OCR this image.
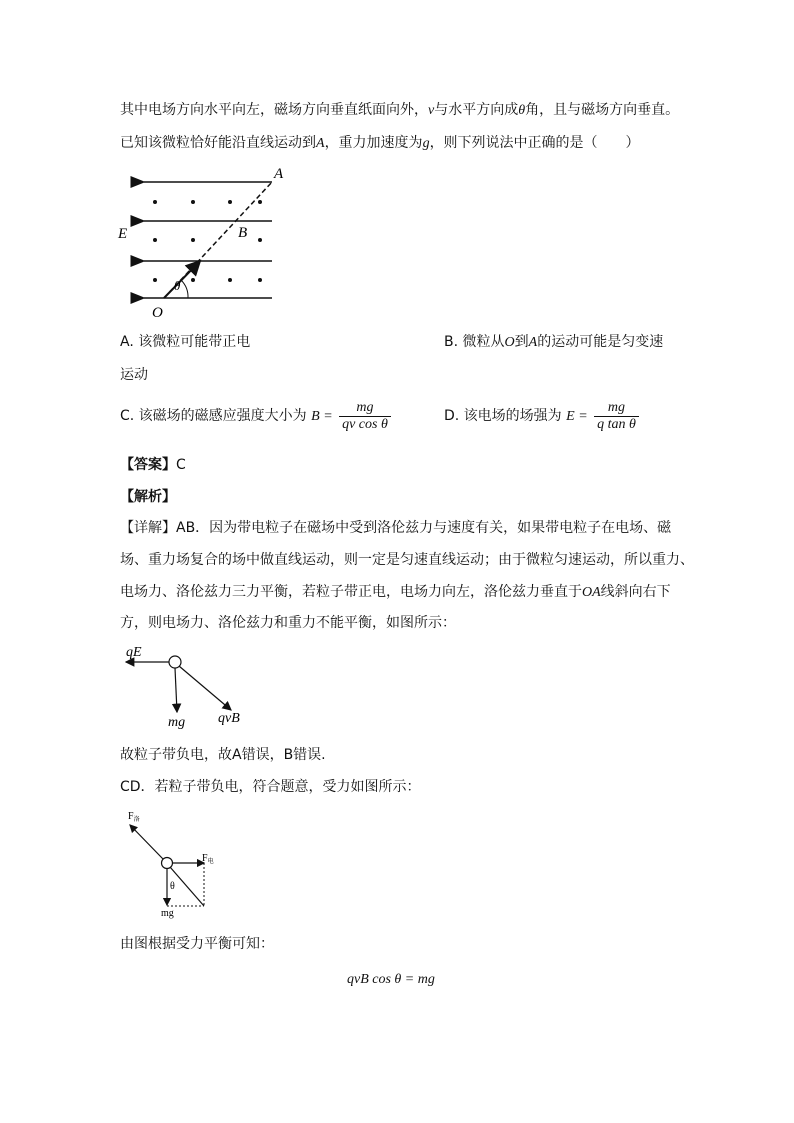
其中电场方向水平向左，磁场方向垂直纸面向外，v与水平方向成θ角，且与磁场方向垂直。
已知该微粒恰好能沿直线运动到A，重力加速度为g，则下列说法中正确的是（　　）
A
B
E
O
θ
A. 该微粒可能带正电	B. 微粒从O到A的运动可能是匀变速
运动
C. 该磁场的磁感应强度大小为 $B = \frac{mg}{\text{qv cos θ}}$	D. 该电场的场强为 $E = \frac{mg}{\text{q tan θ}}$
【答案】C
【解析】
【详解】AB．因为带电粒子在磁场中受到洛伦兹力与速度有关，如果带电粒子在电场、磁
场、重力场复合的场中做直线运动，则一定是匀速直线运动；由于微粒匀速运动，所以重力、
电场力、洛伦兹力三力平衡，若粒子带正电，电场力向左，洛伦兹力垂直于OA线斜向右下
方，则电场力、洛伦兹力和重力不能平衡，如图所示：
qE
mg qvB
故粒子带负电，故A错误，B错误.
CD．若粒子带负电，符合题意，受力如图所示：
$F_洛$
$F_电$
θ
mg
由图根据受力平衡可知：
qvB cos θ = mg
